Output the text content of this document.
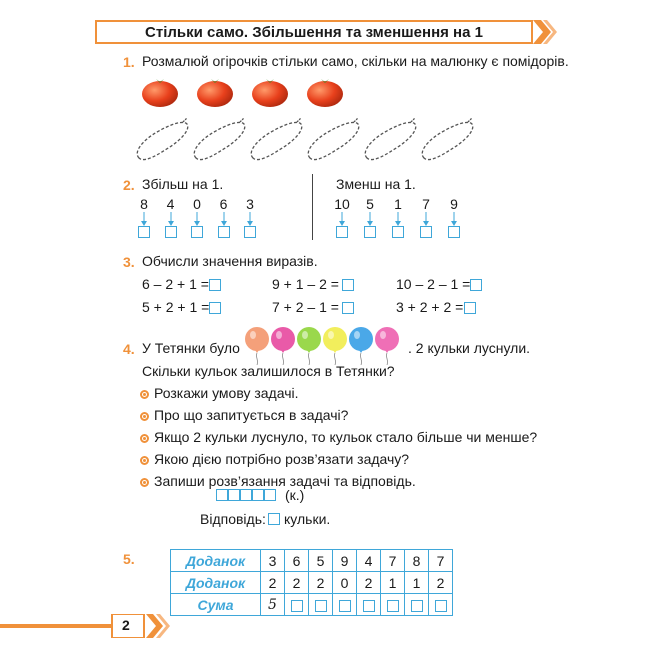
Стільки само. Збільшення та зменшення на 1
1. Розмалюй огірочків стільки само, скільки на малюнку є помідорів.
2. Збільш на 1.	Зменш на 1.
8	4	0	6	3	10	5	1	7	9
3. Обчисли значення виразів.
6 – 2 + 1 =	9 + 1 – 2 =	10 – 2 – 1 =
5 + 2 + 1 =	7 + 2 – 1 =	3 + 2 + 2 =
4. У Тетянки було	. 2 кульки луснули.
Скільки кульок залишилося в Тетянки?
Розкажи умову задачі.
Про що запитується в задачі?
Якщо 2 кульки луснуло, то кульок стало більше чи менше?
Якою дією потрібно розв’язати задачу?
Запиши розв’язання задачі та відповідь.
(к.)
Відповідь: кульки.
5.	Доданок	3	6	5	9	4	7	8	7
Доданок	2	2	2	0	2	1	1	2
Сума	5							
2
